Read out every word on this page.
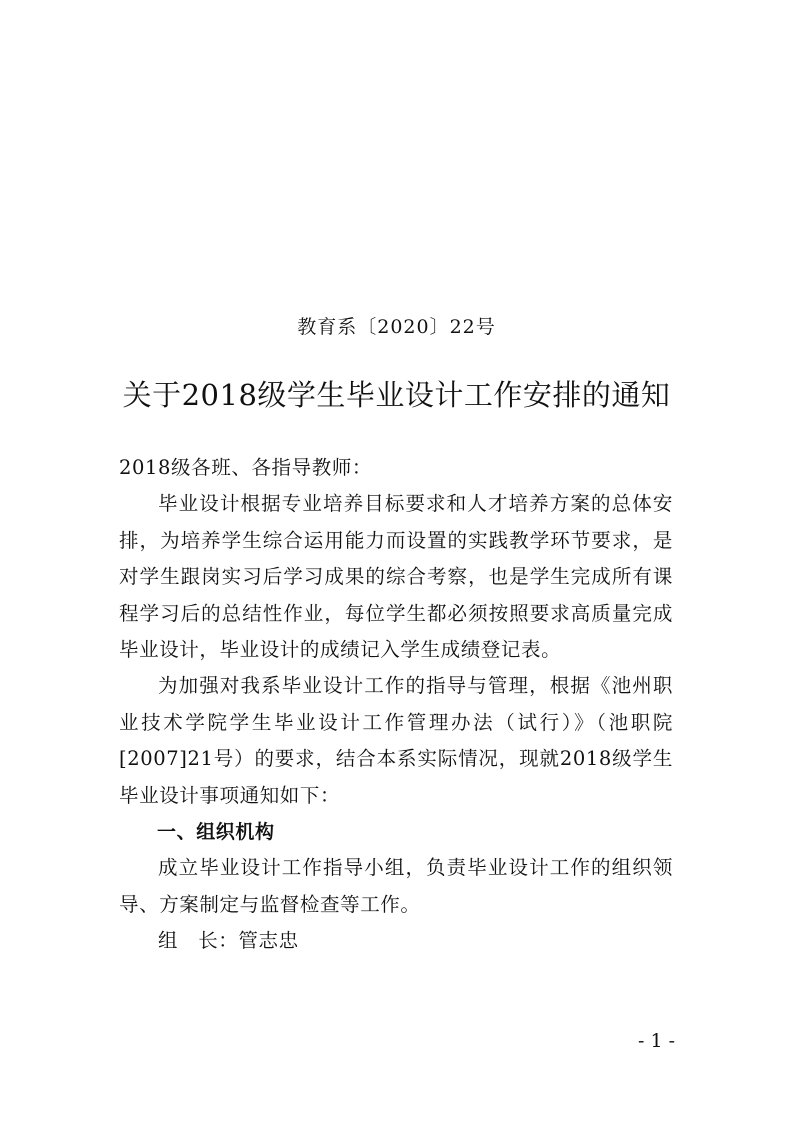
教育系〔2020〕22号
关于2018级学生毕业设计工作安排的通知

2018级各班、各指导教师：

毕业设计根据专业培养目标要求和人才培养方案的总体安排，为培养学生综合运用能力而设置的实践教学环节要求，是对学生跟岗实习后学习成果的综合考察，也是学生完成所有课程学习后的总结性作业，每位学生都必须按照要求高质量完成毕业设计，毕业设计的成绩记入学生成绩登记表。

为加强对我系毕业设计工作的指导与管理，根据《池州职业技术学院学生毕业设计工作管理办法（试行）》（池职院[2007]21号）的要求，结合本系实际情况，现就2018级学生毕业设计事项通知如下：

一、组织机构

成立毕业设计工作指导小组，负责毕业设计工作的组织领导、方案制定与监督检查等工作。

组　长：管志忠

- 1 -
